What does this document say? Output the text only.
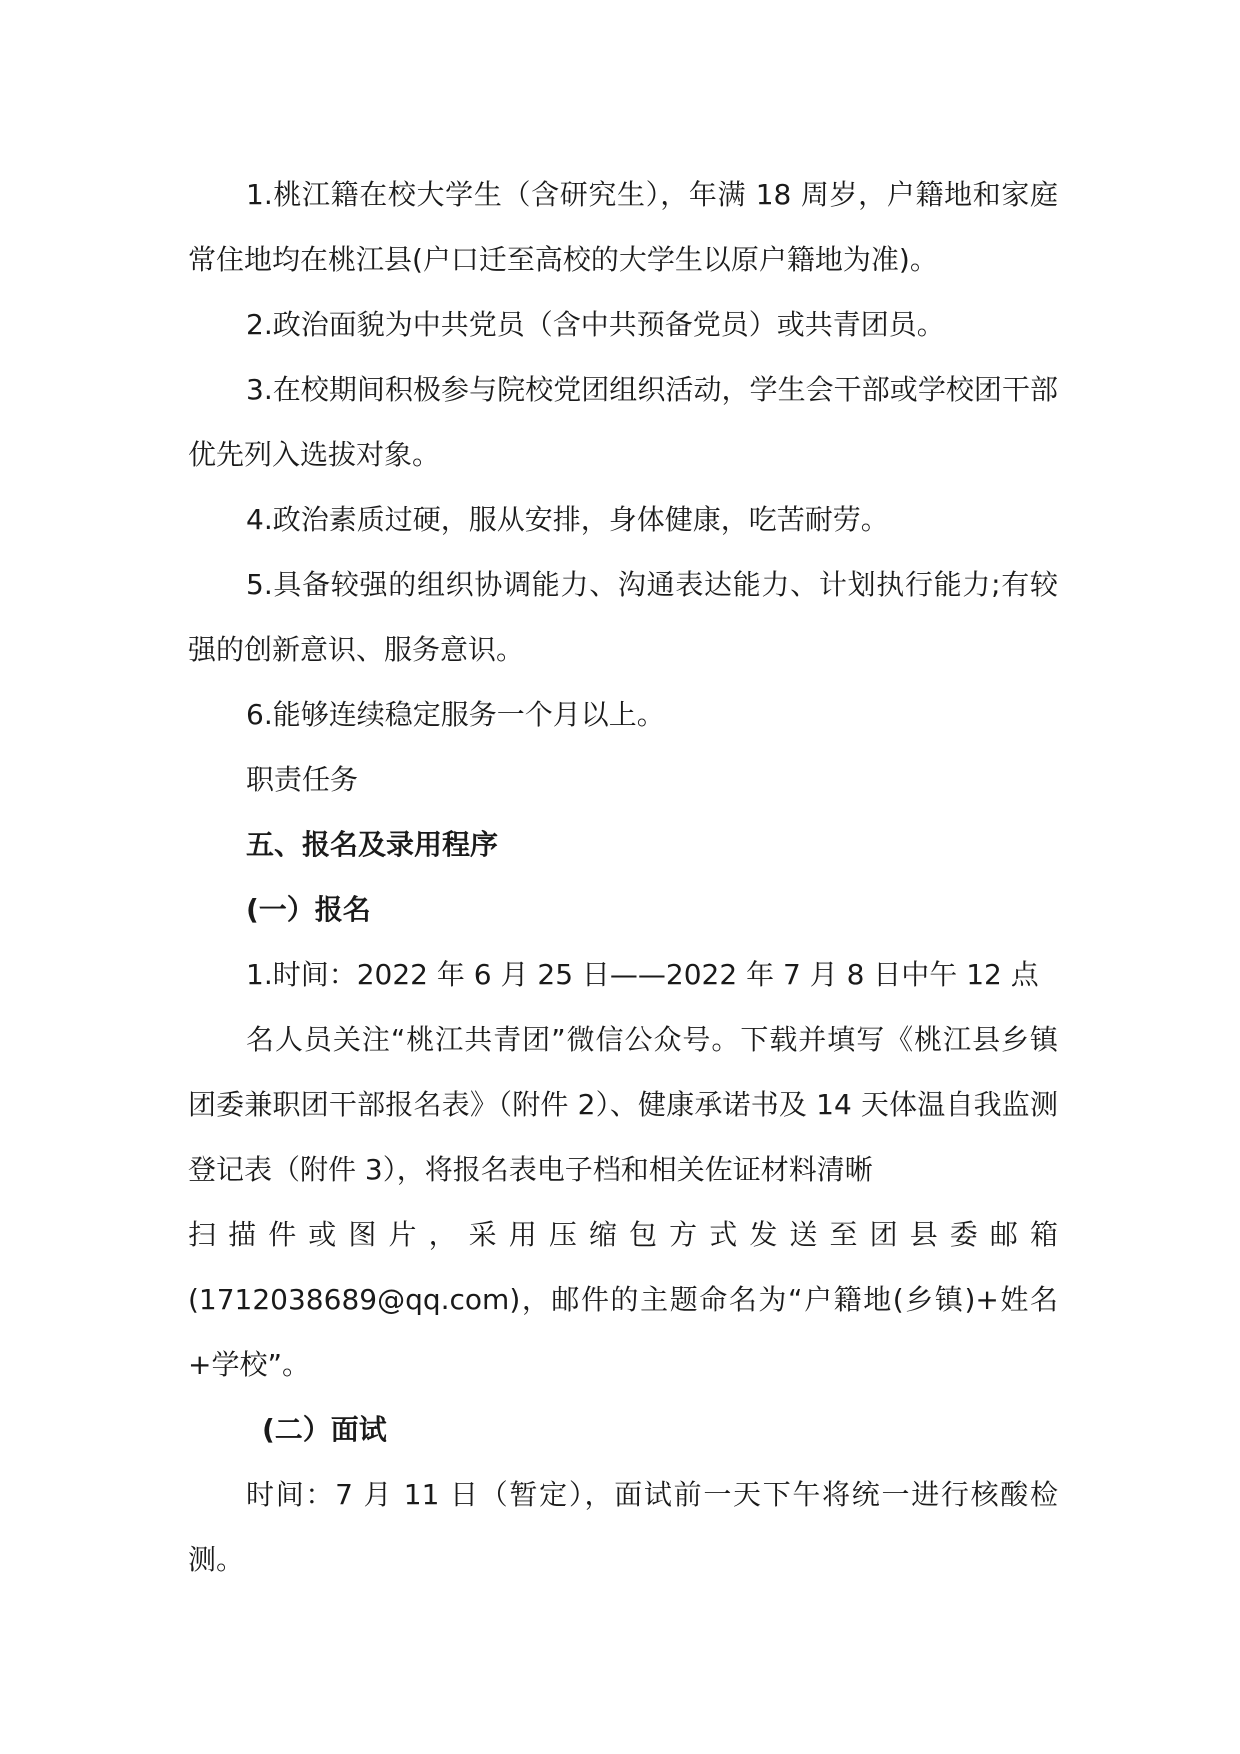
1.桃江籍在校大学生（含研究生），年满 18 周岁，户籍地和家庭常住地均在桃江县(户口迁至高校的大学生以原户籍地为准)。

2.政治面貌为中共党员（含中共预备党员）或共青团员。

3.在校期间积极参与院校党团组织活动，学生会干部或学校团干部优先列入选拔对象。

4.政治素质过硬，服从安排，身体健康，吃苦耐劳。

5.具备较强的组织协调能力、沟通表达能力、计划执行能力;有较强的创新意识、服务意识。

6.能够连续稳定服务一个月以上。

职责任务

五、报名及录用程序

(一）报名

1.时间：2022 年 6 月 25 日——2022 年 7 月 8 日中午 12 点

名人员关注“桃江共青团”微信公众号。下载并填写《桃江县乡镇团委兼职团干部报名表》（附件 2）、健康承诺书及 14 天体温自我监测登记表（附件 3），将报名表电子档和相关佐证材料清晰

扫描件或图片，采用压缩包方式发送至团县委邮箱

(1712038689@qq.com)，邮件的主题命名为“户籍地(乡镇)+姓名+学校”。

(二）面试

时间：7 月 11 日（暂定），面试前一天下午将统一进行核酸检测。
